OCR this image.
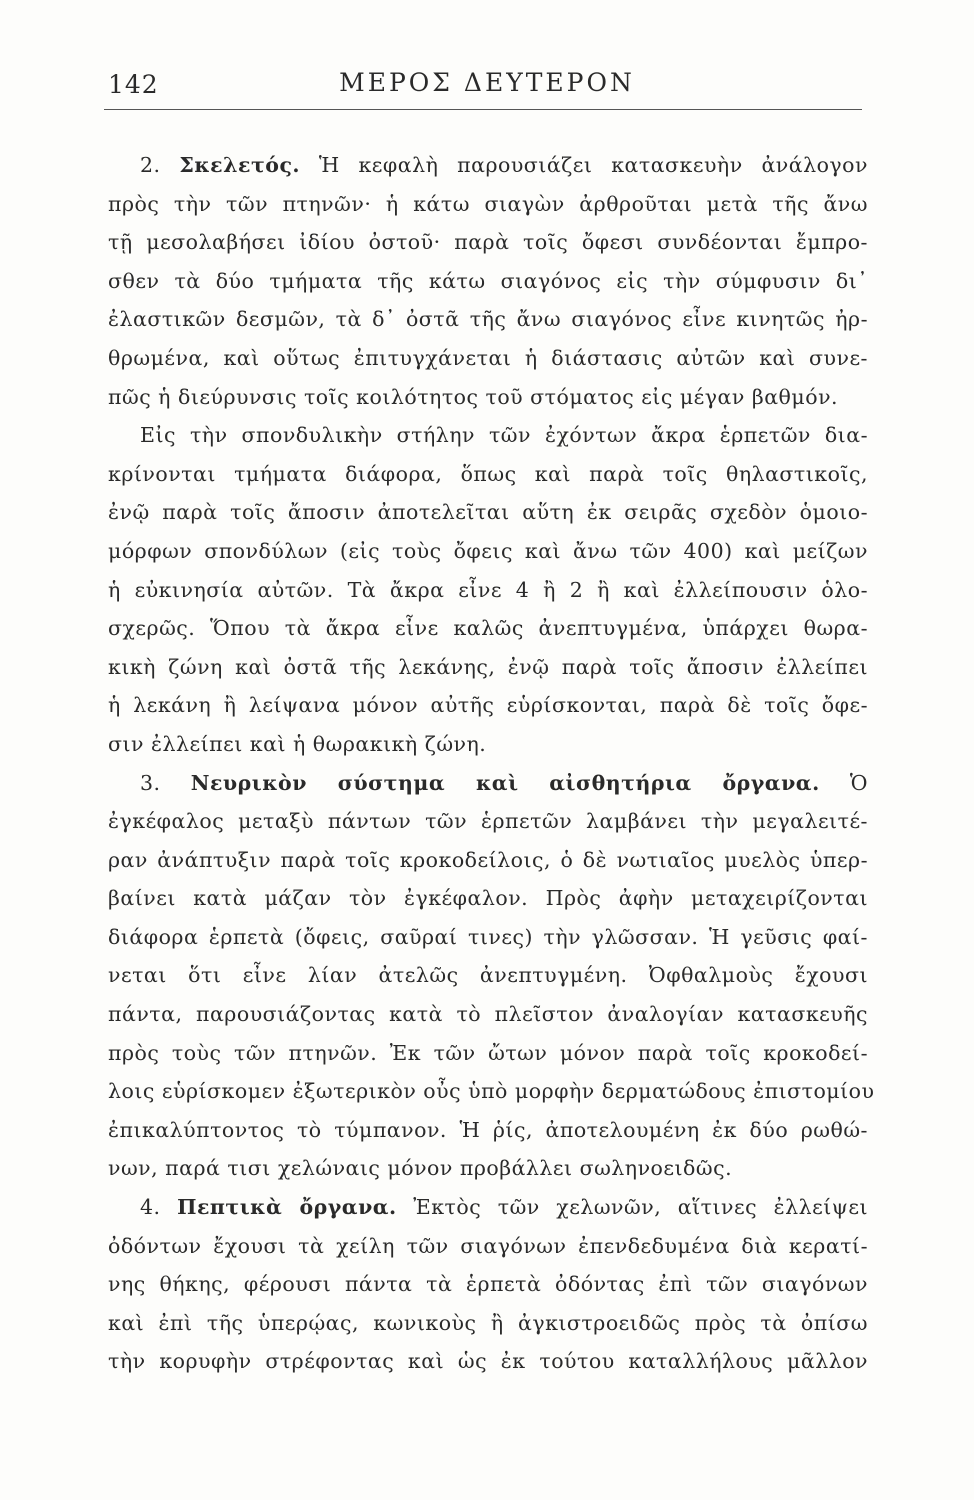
142	ΜΕΡΟΣ ΔΕΥΤΕΡΟΝ
2. Σκελετός. Ἡ κεφαλὴ παρουσιάζει κατασκευὴν ἀνάλογον
πρὸς τὴν τῶν πτηνῶν· ἡ κάτω σιαγὼν ἀρθροῦται μετὰ τῆς ἄνω
τῇ μεσολαβήσει ἰδίου ὀστοῦ· παρὰ τοῖς ὄφεσι συνδέονται ἔμπρο-
σθεν τὰ δύο τμήματα τῆς κάτω σιαγόνος εἰς τὴν σύμφυσιν δι᾽
ἐλαστικῶν δεσμῶν, τὰ δ᾽ ὀστᾶ τῆς ἄνω σιαγόνος εἶνε κινητῶς ἠρ-
θρωμένα, καὶ οὕτως ἐπιτυγχάνεται ἡ διάστασις αὐτῶν καὶ συνε-
πῶς ἡ διεύρυνσις τοῖς κοιλότητος τοῦ στόματος εἰς μέγαν βαθμόν.
Εἰς τὴν σπονδυλικὴν στήλην τῶν ἐχόντων ἄκρα ἑρπετῶν δια-
κρίνονται τμήματα διάφορα, ὅπως καὶ παρὰ τοῖς θηλαστικοῖς,
ἐνῷ παρὰ τοῖς ἄποσιν ἀποτελεῖται αὕτη ἐκ σειρᾶς σχεδὸν ὁμοιο-
μόρφων σπονδύλων (εἰς τοὺς ὄφεις καὶ ἄνω τῶν 400) καὶ μείζων
ἡ εὐκινησία αὐτῶν. Τὰ ἄκρα εἶνε 4 ἢ 2 ἢ καὶ ἐλλείπουσιν ὁλο-
σχερῶς. Ὅπου τὰ ἄκρα εἶνε καλῶς ἀνεπτυγμένα, ὑπάρχει θωρα-
κικὴ ζώνη καὶ ὀστᾶ τῆς λεκάνης, ἐνῷ παρὰ τοῖς ἄποσιν ἐλλείπει
ἡ λεκάνη ἢ λείψανα μόνον αὐτῆς εὑρίσκονται, παρὰ δὲ τοῖς ὄφε-
σιν ἐλλείπει καὶ ἡ θωρακικὴ ζώνη.
3. Νευρικὸν σύστημα καὶ αἰσθητήρια ὄργανα. Ὁ
ἐγκέφαλος μεταξὺ πάντων τῶν ἑρπετῶν λαμβάνει τὴν μεγαλειτέ-
ραν ἀνάπτυξιν παρὰ τοῖς κροκοδείλοις, ὁ δὲ νωτιαῖος μυελὸς ὑπερ-
βαίνει κατὰ μάζαν τὸν ἐγκέφαλον. Πρὸς ἀφὴν μεταχειρίζονται
διάφορα ἑρπετὰ (ὄφεις, σαῦραί τινες) τὴν γλῶσσαν. Ἡ γεῦσις φαί-
νεται ὅτι εἶνε λίαν ἀτελῶς ἀνεπτυγμένη. Ὀφθαλμοὺς ἔχουσι
πάντα, παρουσιάζοντας κατὰ τὸ πλεῖστον ἀναλογίαν κατασκευῆς
πρὸς τοὺς τῶν πτηνῶν. Ἐκ τῶν ὤτων μόνον παρὰ τοῖς κροκοδεί-
λοις εὑρίσκομεν ἐξωτερικὸν οὖς ὑπὸ μορφὴν δερματώδους ἐπιστομίου
ἐπικαλύπτοντος τὸ τύμπανον. Ἡ ῥίς, ἀποτελουμένη ἐκ δύο ρωθώ-
νων, παρά τισι χελώναις μόνον προβάλλει σωληνοειδῶς.
4. Πεπτικὰ ὄργανα. Ἐκτὸς τῶν χελωνῶν, αἵτινες ἐλλείψει
ὀδόντων ἔχουσι τὰ χείλη τῶν σιαγόνων ἐπενδεδυμένα διὰ κερατί-
νης θήκης, φέρουσι πάντα τὰ ἑρπετὰ ὀδόντας ἐπὶ τῶν σιαγόνων
καὶ ἐπὶ τῆς ὑπερῴας, κωνικοὺς ἢ ἀγκιστροειδῶς πρὸς τὰ ὀπίσω
τὴν κορυφὴν στρέφοντας καὶ ὡς ἐκ τούτου καταλλήλους μᾶλλον
